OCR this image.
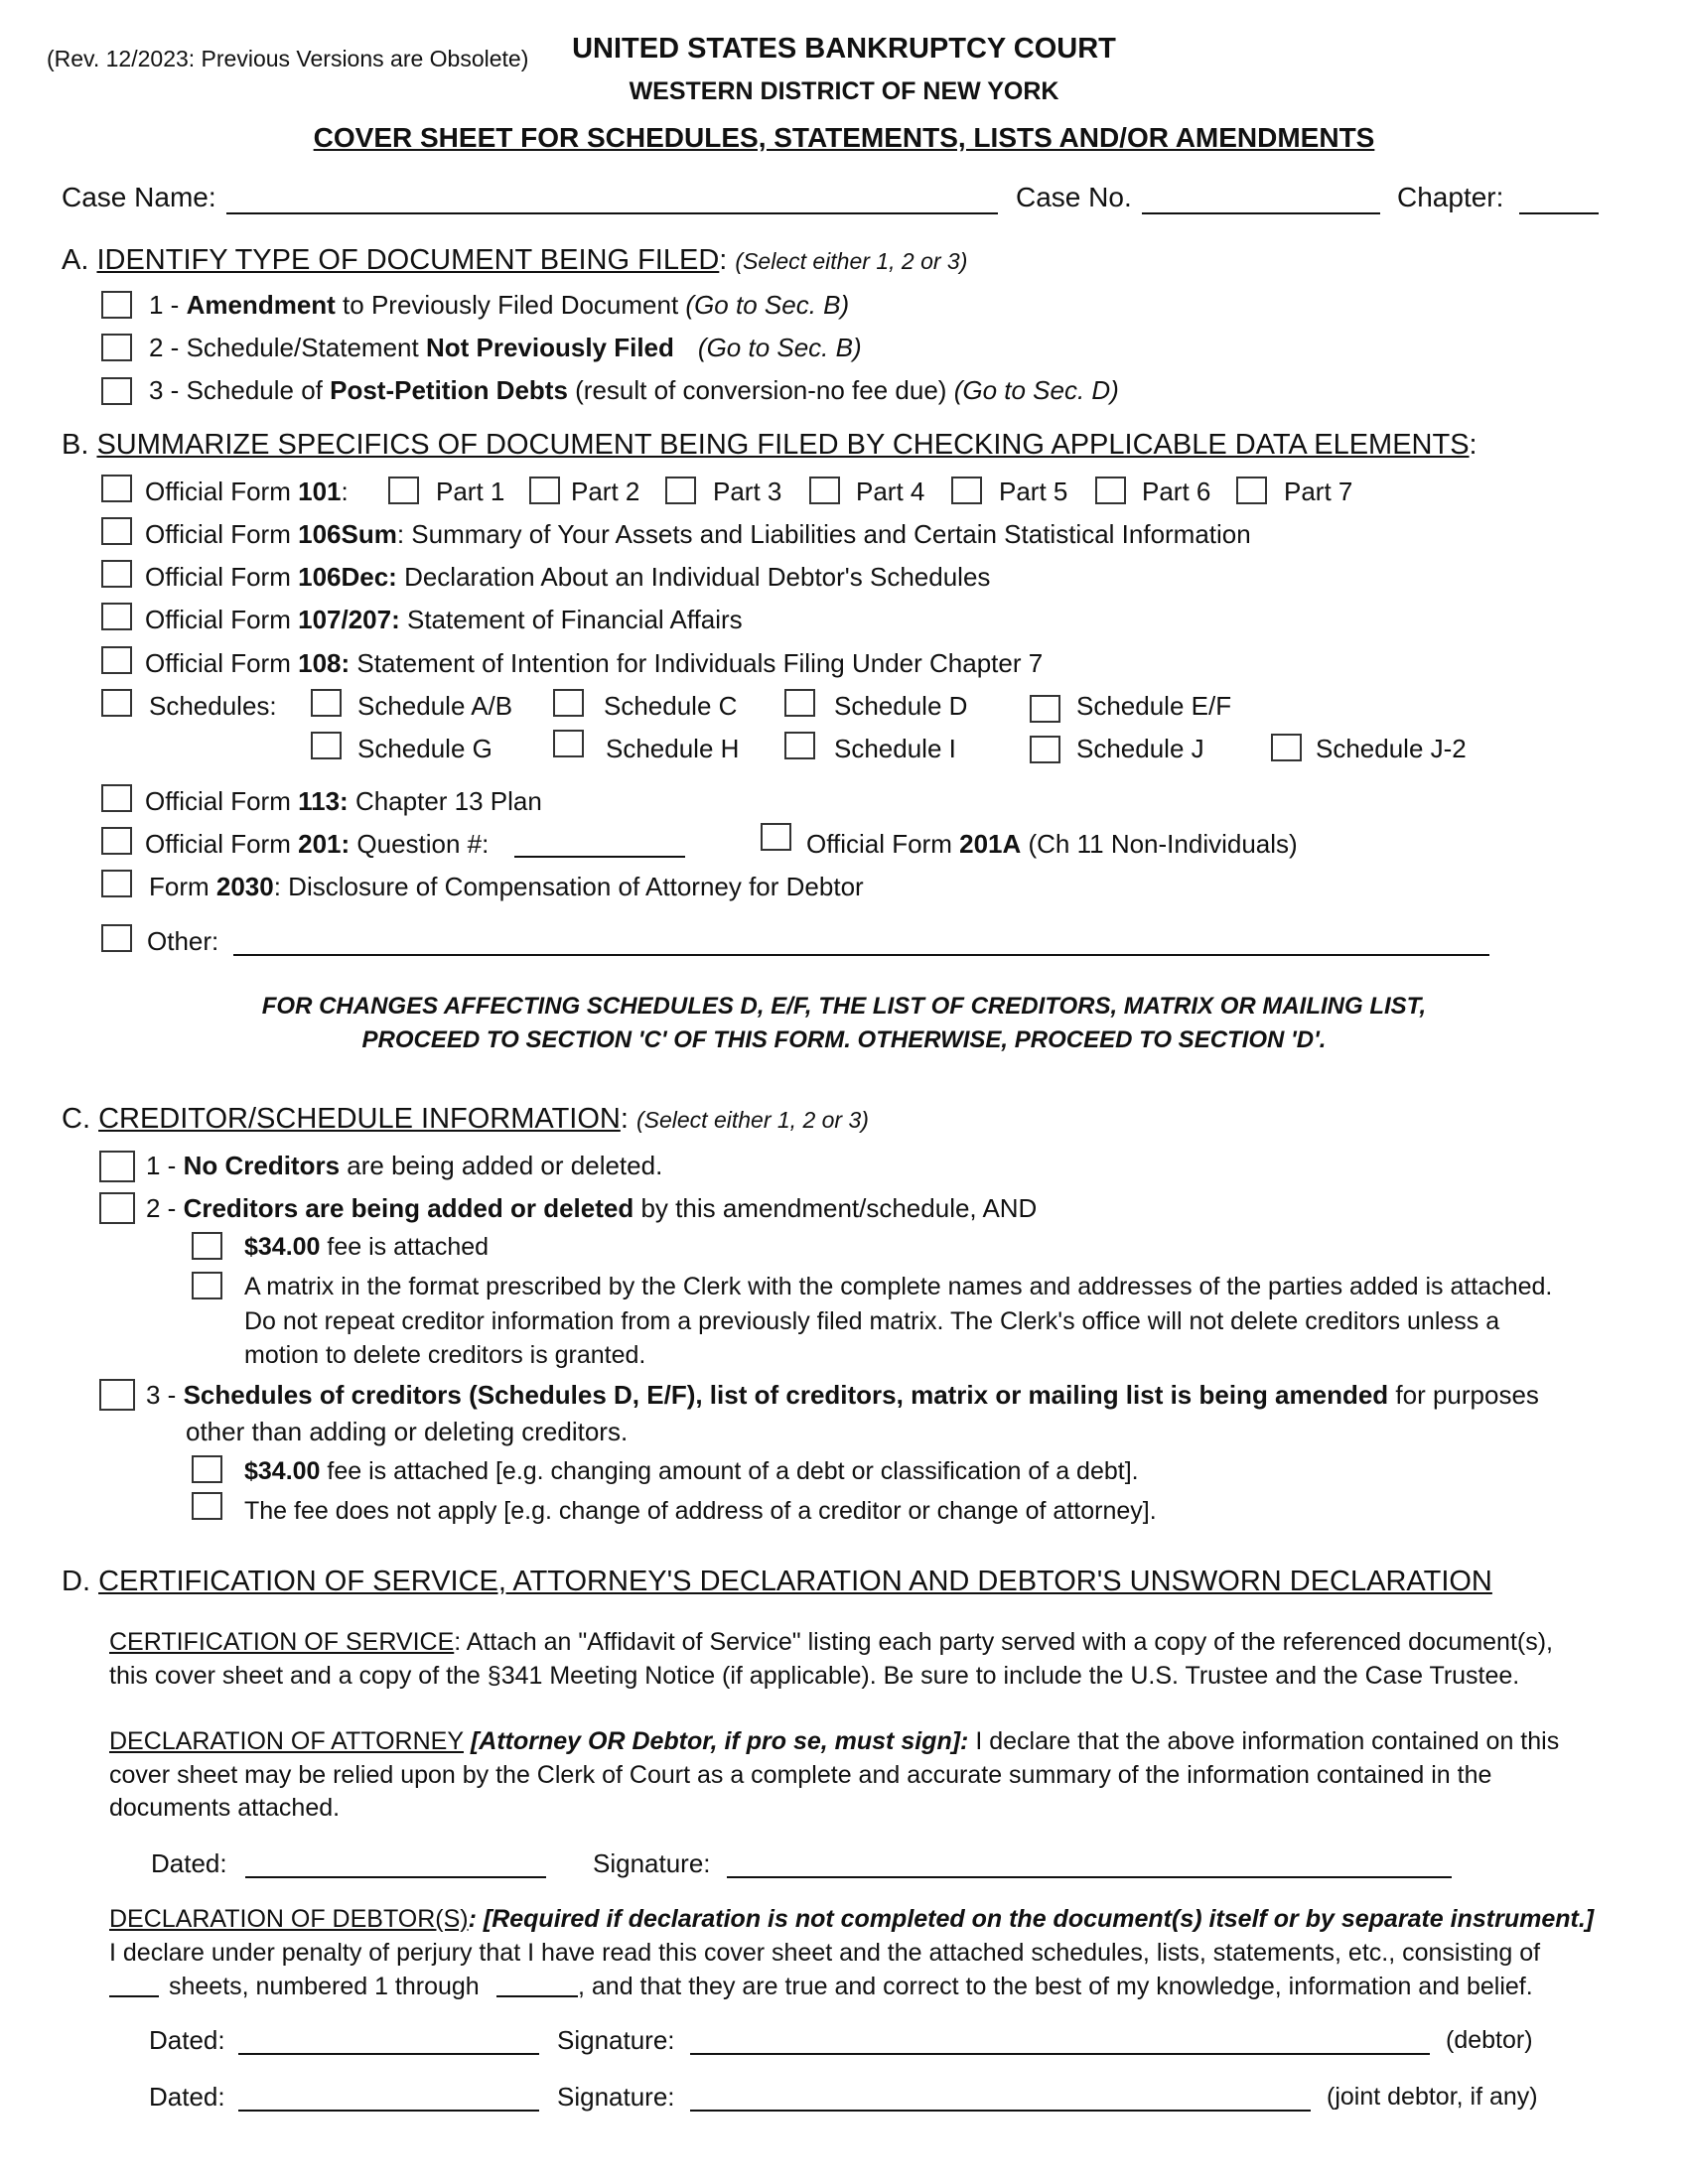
(Rev. 12/2023: Previous Versions are Obsolete)	UNITED STATES BANKRUPTCY COURT
WESTERN DISTRICT OF NEW YORK
COVER SHEET FOR SCHEDULES, STATEMENTS, LISTS AND/OR AMENDMENTS
Case Name:	Case No.	Chapter:
A. IDENTIFY TYPE OF DOCUMENT BEING FILED: (Select either 1, 2 or 3)
1 - Amendment to Previously Filed Document (Go to Sec. B)
2 - Schedule/Statement Not Previously Filed (Go to Sec. B)
3 - Schedule of Post-Petition Debts (result of conversion-no fee due) (Go to Sec. D)
B. SUMMARIZE SPECIFICS OF DOCUMENT BEING FILED BY CHECKING APPLICABLE DATA ELEMENTS:
Official Form 101:	Part 1	Part 2	Part 3	Part 4	Part 5	Part 6	Part 7
Official Form 106Sum: Summary of Your Assets and Liabilities and Certain Statistical Information
Official Form 106Dec: Declaration About an Individual Debtor's Schedules
Official Form 107/207: Statement of Financial Affairs
Official Form 108: Statement of Intention for Individuals Filing Under Chapter 7
Schedules:	Schedule A/B	Schedule C	Schedule D	Schedule E/F
Schedule G	Schedule H	Schedule I	Schedule J	Schedule J-2
Official Form 113: Chapter 13 Plan
Official Form 201: Question #:	Official Form 201A (Ch 11 Non-Individuals)
Form 2030: Disclosure of Compensation of Attorney for Debtor
Other:
FOR CHANGES AFFECTING SCHEDULES D, E/F, THE LIST OF CREDITORS, MATRIX OR MAILING LIST,
PROCEED TO SECTION 'C' OF THIS FORM. OTHERWISE, PROCEED TO SECTION 'D'.
C. CREDITOR/SCHEDULE INFORMATION: (Select either 1, 2 or 3)
1 - No Creditors are being added or deleted.
2 - Creditors are being added or deleted by this amendment/schedule, AND
$34.00 fee is attached
A matrix in the format prescribed by the Clerk with the complete names and addresses of the parties added is attached.
Do not repeat creditor information from a previously filed matrix. The Clerk's office will not delete creditors unless a
motion to delete creditors is granted.
3 - Schedules of creditors (Schedules D, E/F), list of creditors, matrix or mailing list is being amended for purposes
other than adding or deleting creditors.
$34.00 fee is attached [e.g. changing amount of a debt or classification of a debt].
The fee does not apply [e.g. change of address of a creditor or change of attorney].
D. CERTIFICATION OF SERVICE, ATTORNEY'S DECLARATION AND DEBTOR'S UNSWORN DECLARATION
CERTIFICATION OF SERVICE: Attach an "Affidavit of Service" listing each party served with a copy of the referenced document(s),
this cover sheet and a copy of the §341 Meeting Notice (if applicable). Be sure to include the U.S. Trustee and the Case Trustee.
DECLARATION OF ATTORNEY [Attorney OR Debtor, if pro se, must sign]: I declare that the above information contained on this
cover sheet may be relied upon by the Clerk of Court as a complete and accurate summary of the information contained in the
documents attached.
Dated:	Signature:
DECLARATION OF DEBTOR(S): [Required if declaration is not completed on the document(s) itself or by separate instrument.]
I declare under penalty of perjury that I have read this cover sheet and the attached schedules, lists, statements, etc., consisting of
sheets, numbered 1 through	, and that they are true and correct to the best of my knowledge, information and belief.
Dated:	Signature:	(debtor)
Dated:	Signature:	(joint debtor, if any)
